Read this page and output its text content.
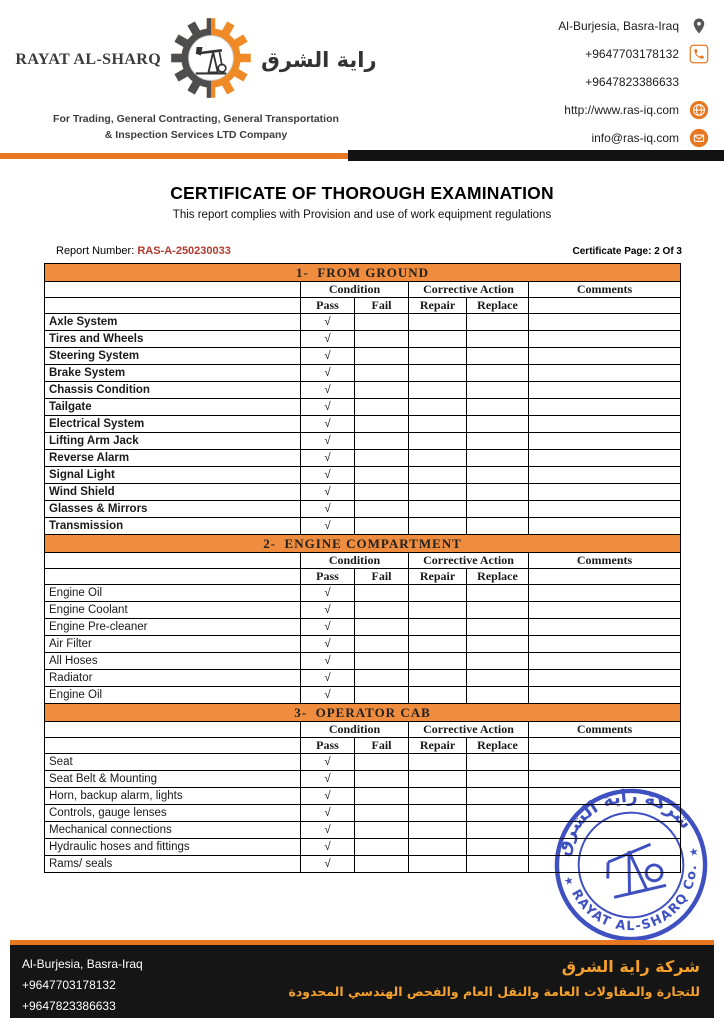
RAYAT AL-SHARQ	راية الشرق
For Trading, General Contracting, General Transportation
& Inspection Services LTD Company
Al-Burjesia, Basra-Iraq
+9647703178132
+9647823386633
http://www.ras-iq.com
info@ras-iq.com
CERTIFICATE OF THOROUGH EXAMINATION
This report complies with Provision and use of work equipment regulations
Report Number: RAS-A-250230033	Certificate Page: 2 Of 3
1-  FROM GROUND					
	Condition		Corrective Action		Comments
	Pass	Fail	Repair	Replace	
Axle System	√				
Tires and Wheels	√				
Steering System	√				
Brake System	√				
Chassis Condition	√				
Tailgate	√				
Electrical System	√				
Lifting Arm Jack	√				
Reverse Alarm	√				
Signal Light	√				
Wind Shield	√				
Glasses & Mirrors	√				
Transmission	√				
2-  ENGINE COMPARTMENT					
	Condition		Corrective Action		Comments
	Pass	Fail	Repair	Replace	
Engine Oil	√				
Engine Coolant	√				
Engine Pre-cleaner	√				
Air Filter	√				
All Hoses	√				
Radiator	√				
Engine Oil	√				
3-  OPERATOR CAB					
	Condition		Corrective Action		Comments
	Pass	Fail	Repair	Replace	
Seat	√				
Seat Belt & Mounting	√				
Horn, backup alarm, lights	√				
Controls, gauge lenses	√				
Mechanical connections	√				
Hydraulic hoses and fittings	√				
Rams/ seals	√				
شركة راية الشرق
RAYAT AL-SHARQ Co.
★
★
Al-Burjesia, Basra-Iraq
+9647703178132
+9647823386633
شركة راية الشرق
للتجارة والمقاولات العامة والنقل العام والفحص الهندسي المحدودة
